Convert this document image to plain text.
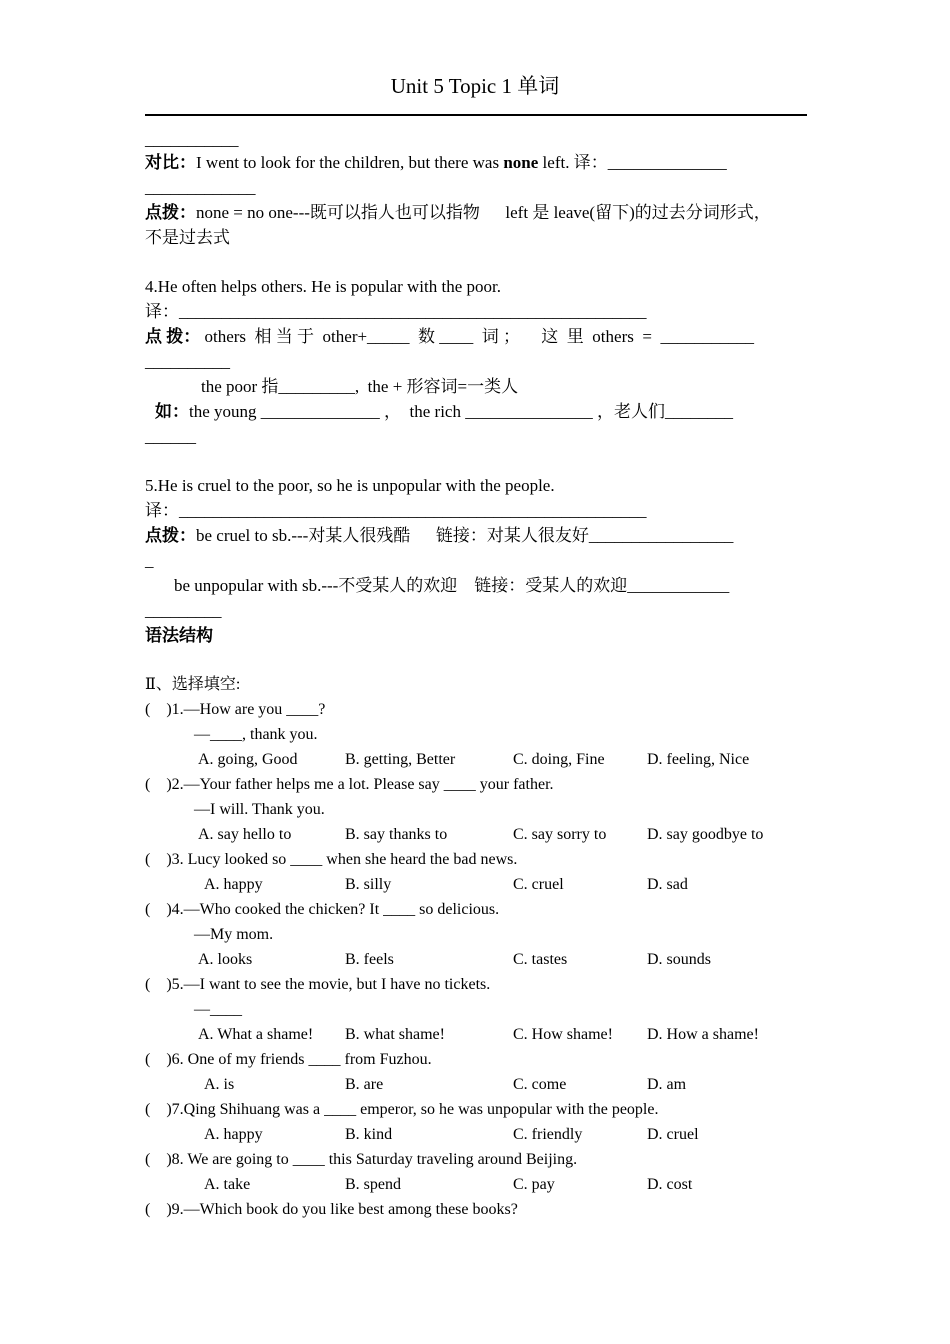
Unit 5 Topic 1 单词
___________
对比：I went to look for the children, but there was none left. 译：______________
_____________
点拨：none = no one---既可以指人也可以指物      left 是 leave(留下)的过去分词形式，
不是过去式
4.He often helps others. He is popular with the poor.
译：_______________________________________________________
点 拨： others  相 当 于  other+_____  数 ____  词 ；     这  里  others  =  ___________
__________
the poor 指_________,  the + 形容词=一类人
如：the young ______________ ，  the rich _______________ ，老人们________
______
5.He is cruel to the poor, so he is unpopular with the people.
译：_______________________________________________________
点拨：be cruel to sb.---对某人很残酷      链接：对某人很友好_________________
_
be unpopular with sb.---不受某人的欢迎    链接：受某人的欢迎____________
_________
语法结构
Ⅱ、选择填空:
(    )1.—How are you ____?
—____, thank you.
A. going, Good	B. getting, Better	C. doing, Fine	D. feeling, Nice
(    )2.—Your father helps me a lot. Please say ____ your father.
—I will. Thank you.
A. say hello to	B. say thanks to	C. say sorry to	D. say goodbye to
(    )3. Lucy looked so ____ when she heard the bad news.
A. happy	B. silly	C. cruel	D. sad
(    )4.—Who cooked the chicken? It ____ so delicious.
—My mom.
A. looks	B. feels	C. tastes	D. sounds
(    )5.—I want to see the movie, but I have no tickets.
—____
A. What a shame! B. what shame!	C. How shame! D. How a shame!
(    )6. One of my friends ____ from Fuzhou.
A. is	B. are	C. come	D. am
(    )7.Qing Shihuang was a ____ emperor, so he was unpopular with the people.
A. happy	B. kind	C. friendly	D. cruel
(    )8. We are going to ____ this Saturday traveling around Beijing.
A. take	B. spend	C. pay	D. cost
(    )9.—Which book do you like best among these books?
